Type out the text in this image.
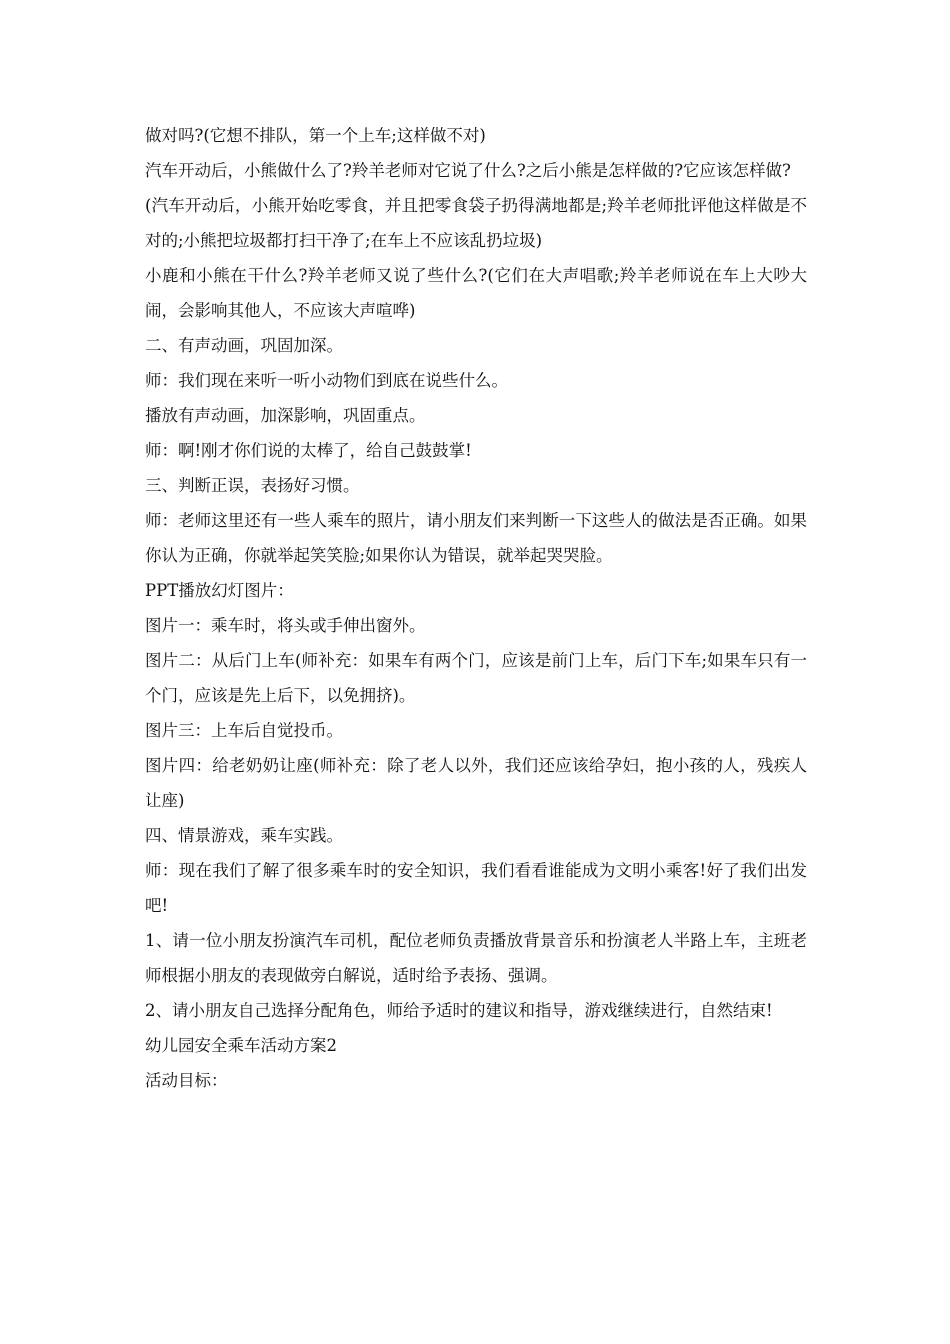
做对吗?(它想不排队，第一个上车;这样做不对)

汽车开动后，小熊做什么了?羚羊老师对它说了什么?之后小熊是怎样做的?它应该怎样做?

(汽车开动后，小熊开始吃零食，并且把零食袋子扔得满地都是;羚羊老师批评他这样做是不对的;小熊把垃圾都打扫干净了;在车上不应该乱扔垃圾)

小鹿和小熊在干什么?羚羊老师又说了些什么?(它们在大声唱歌;羚羊老师说在车上大吵大闹，会影响其他人，不应该大声喧哗)

二、有声动画，巩固加深。

师：我们现在来听一听小动物们到底在说些什么。

播放有声动画，加深影响，巩固重点。

师：啊!刚才你们说的太棒了，给自己鼓鼓掌!

三、判断正误，表扬好习惯。

师：老师这里还有一些人乘车的照片，请小朋友们来判断一下这些人的做法是否正确。如果你认为正确，你就举起笑笑脸;如果你认为错误，就举起哭哭脸。

PPT播放幻灯图片：

图片一：乘车时，将头或手伸出窗外。

图片二：从后门上车(师补充：如果车有两个门，应该是前门上车，后门下车;如果车只有一个门，应该是先上后下，以免拥挤)。

图片三：上车后自觉投币。

图片四：给老奶奶让座(师补充：除了老人以外，我们还应该给孕妇，抱小孩的人，残疾人让座)

四、情景游戏，乘车实践。

师：现在我们了解了很多乘车时的安全知识，我们看看谁能成为文明小乘客!好了我们出发吧!

1、请一位小朋友扮演汽车司机，配位老师负责播放背景音乐和扮演老人半路上车，主班老师根据小朋友的表现做旁白解说，适时给予表扬、强调。

2、请小朋友自己选择分配角色，师给予适时的建议和指导，游戏继续进行，自然结束!

幼儿园安全乘车活动方案2

活动目标：
